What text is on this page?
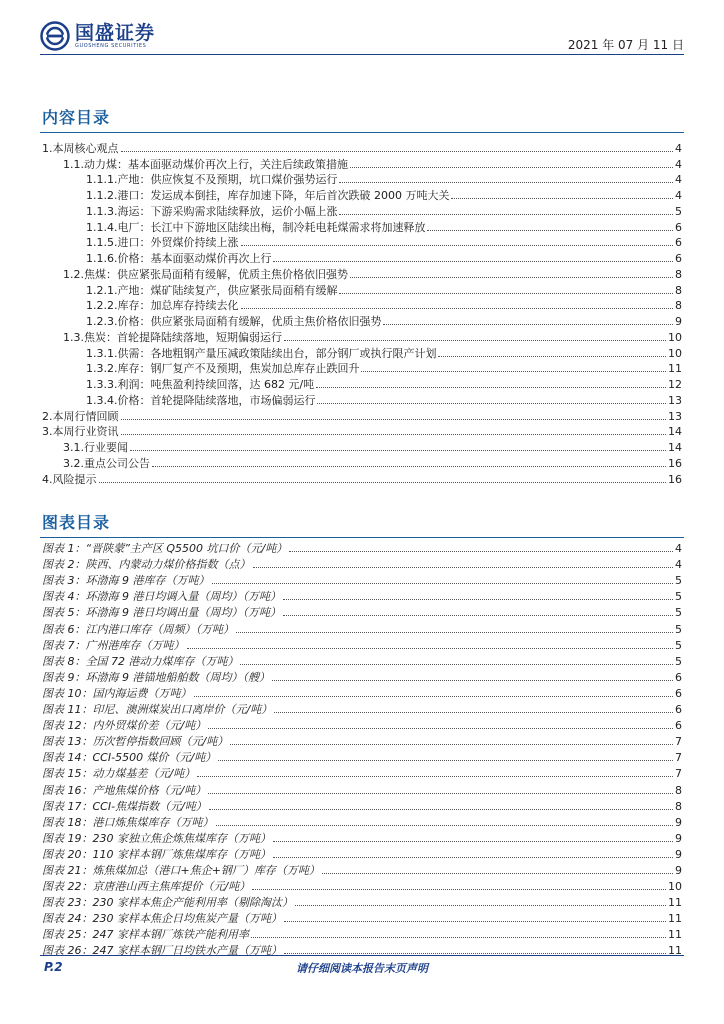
国盛证券
GUOSHENG SECURITIES	2021 年 07 月 11 日
内容目录
1.本周核心观点	4
1.1.动力煤：基本面驱动煤价再次上行，关注后续政策措施	4
1.1.1.产地：供应恢复不及预期，坑口煤价强势运行	4
1.1.2.港口：发运成本倒挂，库存加速下降，年后首次跌破 2000 万吨大关	4
1.1.3.海运：下游采购需求陆续释放，运价小幅上涨	5
1.1.4.电厂：长江中下游地区陆续出梅，制冷耗电耗煤需求将加速释放	6
1.1.5.进口：外贸煤价持续上涨	6
1.1.6.价格：基本面驱动煤价再次上行	6
1.2.焦煤：供应紧张局面稍有缓解，优质主焦价格依旧强势	8
1.2.1.产地：煤矿陆续复产，供应紧张局面稍有缓解	8
1.2.2.库存：加总库存持续去化	8
1.2.3.价格：供应紧张局面稍有缓解，优质主焦价格依旧强势	9
1.3.焦炭：首轮提降陆续落地，短期偏弱运行	10
1.3.1.供需：各地粗钢产量压减政策陆续出台，部分钢厂或执行限产计划	10
1.3.2.库存：钢厂复产不及预期，焦炭加总库存止跌回升	11
1.3.3.利润：吨焦盈利持续回落，达 682 元/吨	12
1.3.4.价格：首轮提降陆续落地，市场偏弱运行	13
2.本周行情回顾	13
3.本周行业资讯	14
3.1.行业要闻	14
3.2.重点公司公告	16
4.风险提示	16
图表目录
图表 1：“晋陕蒙”主产区 Q5500 坑口价（元/吨）	4
图表 2：陕西、内蒙动力煤价格指数（点）	4
图表 3：环渤海 9 港库存（万吨）	5
图表 4：环渤海 9 港日均调入量（周均）（万吨）	5
图表 5：环渤海 9 港日均调出量（周均）（万吨）	5
图表 6：江内港口库存（周频）（万吨）	5
图表 7：广州港库存（万吨）	5
图表 8：全国 72 港动力煤库存（万吨）	5
图表 9：环渤海 9 港锚地船舶数（周均）（艘）	6
图表 10：国内海运费（万吨）	6
图表 11：印尼、澳洲煤炭出口离岸价（元/吨）	6
图表 12：内外贸煤价差（元/吨）	6
图表 13：历次暂停指数回顾（元/吨）	7
图表 14：CCI-5500 煤价（元/吨）	7
图表 15：动力煤基差（元/吨）	7
图表 16：产地焦煤价格（元/吨）	8
图表 17：CCI-焦煤指数（元/吨）	8
图表 18：港口炼焦煤库存（万吨）	9
图表 19：230 家独立焦企炼焦煤库存（万吨）	9
图表 20：110 家样本钢厂炼焦煤库存（万吨）	9
图表 21：炼焦煤加总（港口+焦企+钢厂）库存（万吨）	9
图表 22：京唐港山西主焦库提价（元/吨）	10
图表 23：230 家样本焦企产能利用率（剔除淘汰）	11
图表 24：230 家样本焦企日均焦炭产量（万吨）	11
图表 25：247 家样本钢厂炼铁产能利用率	11
图表 26：247 家样本钢厂日均铁水产量（万吨）	11
P.2	请仔细阅读本报告末页声明
